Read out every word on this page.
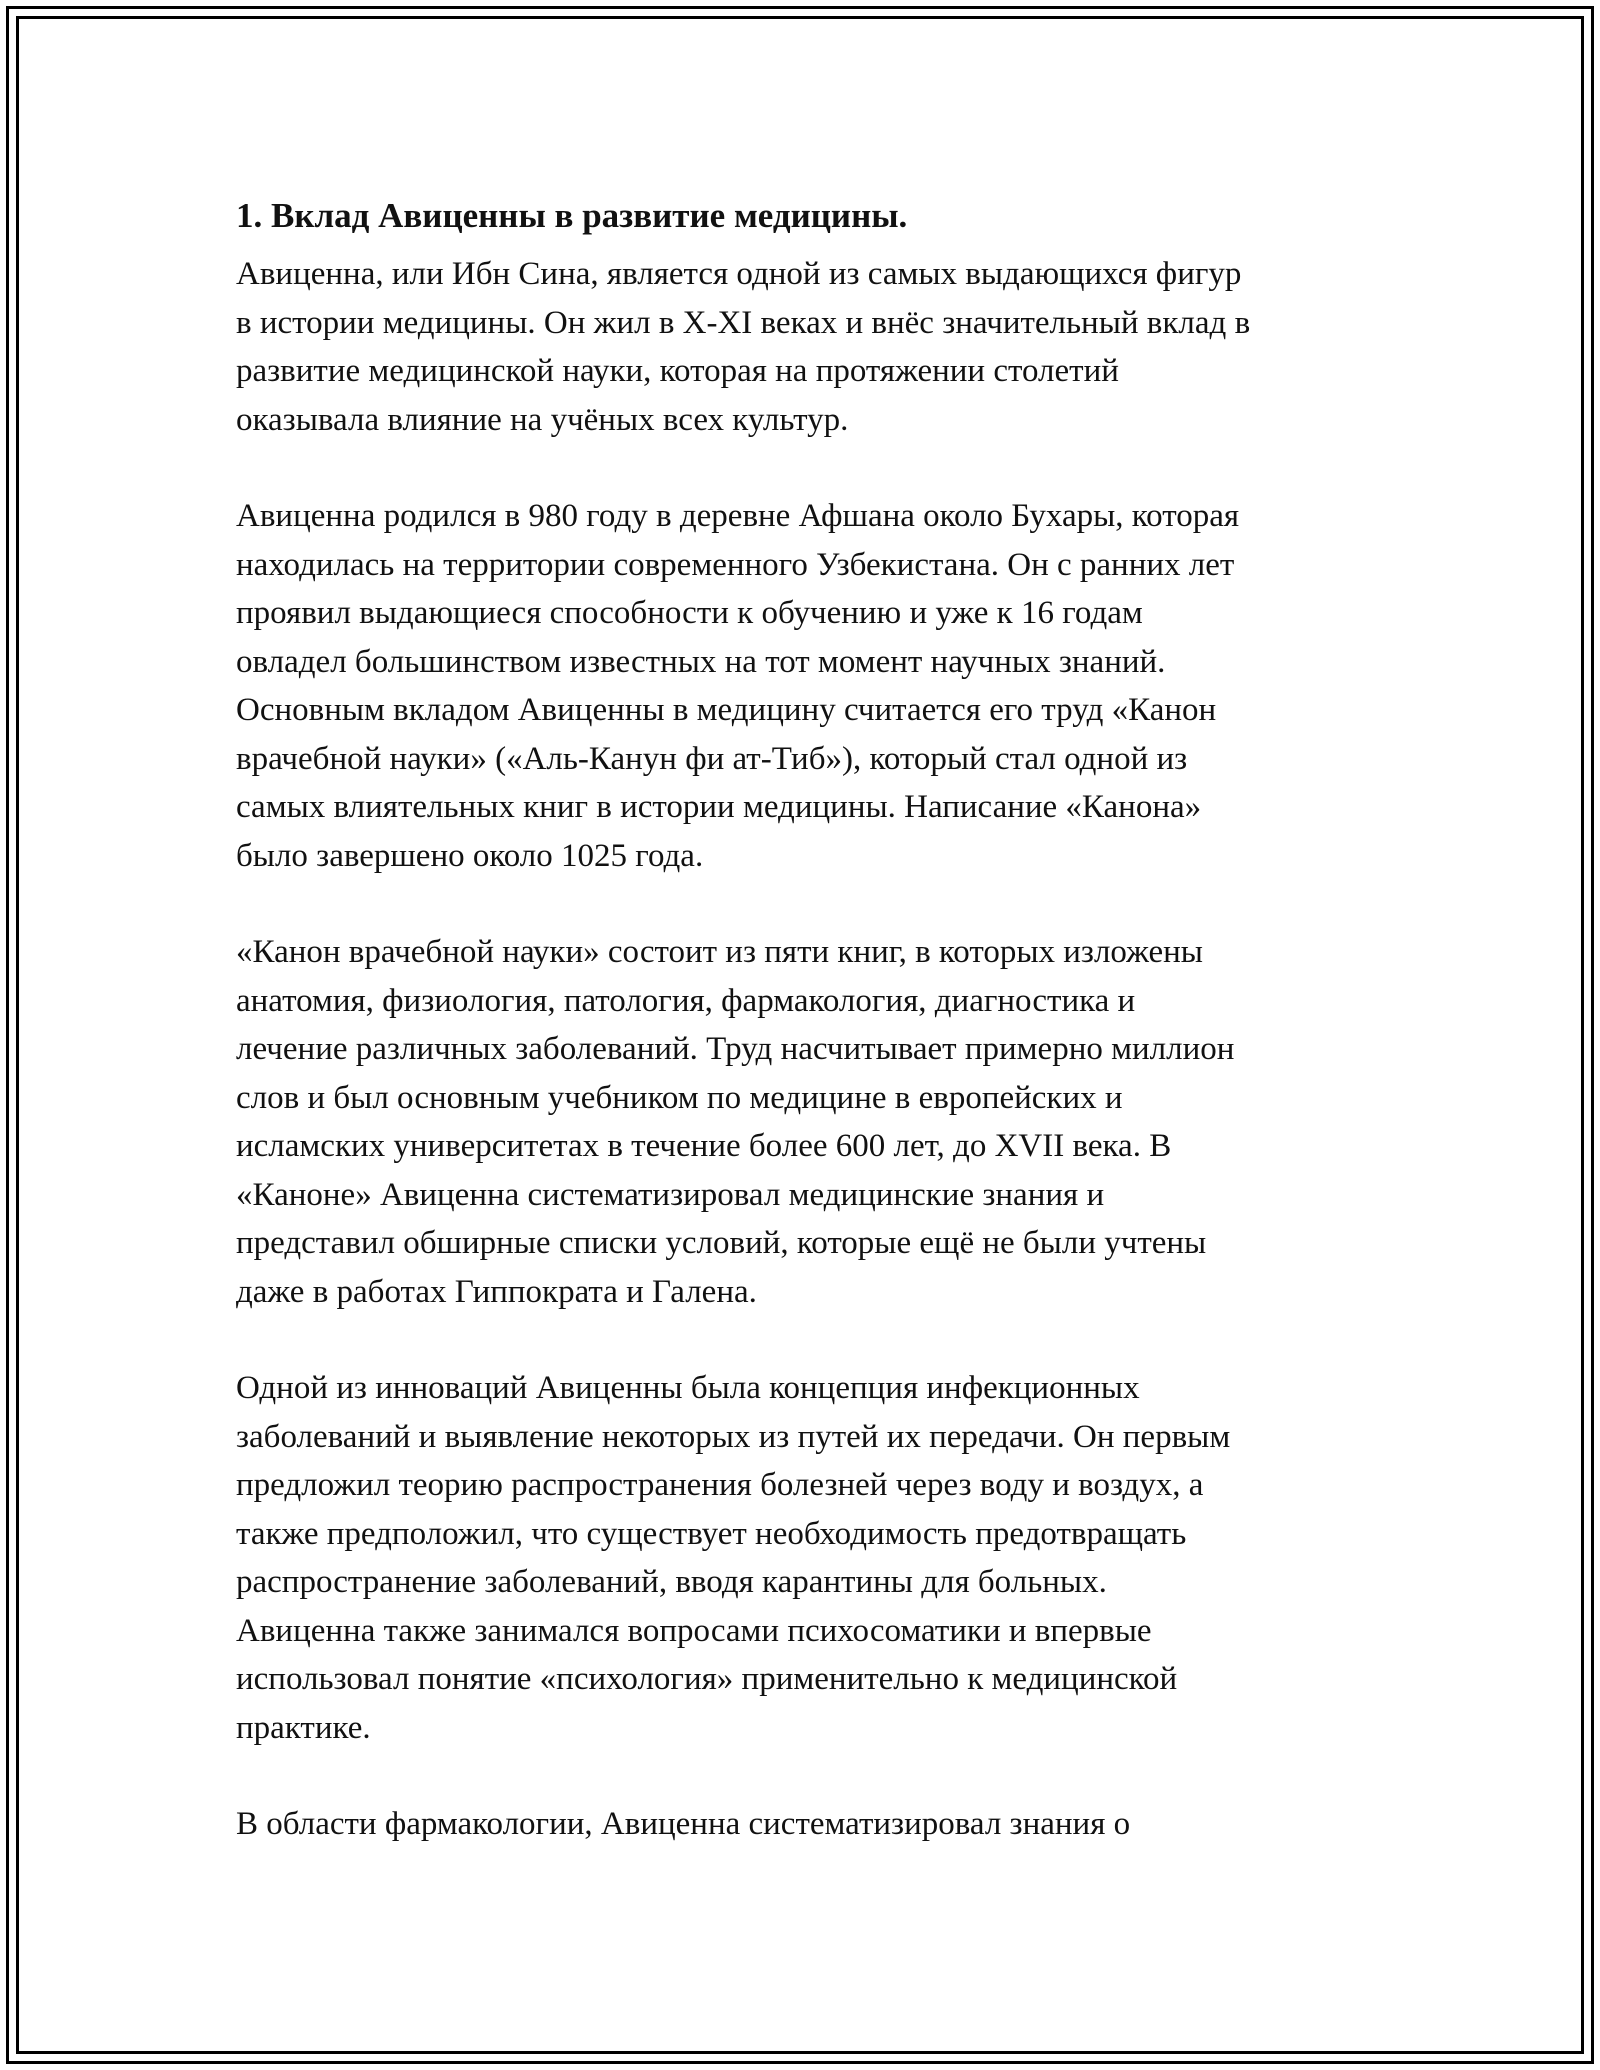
1. Вклад Авиценны в развитие медицины.
Авиценна, или Ибн Сина, является одной из самых выдающихся фигур
в истории медицины. Он жил в X-XI веках и внёс значительный вклад в
развитие медицинской науки, которая на протяжении столетий
оказывала влияние на учёных всех культур.
Авиценна родился в 980 году в деревне Афшана около Бухары, которая
находилась на территории современного Узбекистана. Он с ранних лет
проявил выдающиеся способности к обучению и уже к 16 годам
овладел большинством известных на тот момент научных знаний.
Основным вкладом Авиценны в медицину считается его труд «Канон
врачебной науки» («Аль-Канун фи ат-Тиб»), который стал одной из
самых влиятельных книг в истории медицины. Написание «Канона»
было завершено около 1025 года.
«Канон врачебной науки» состоит из пяти книг, в которых изложены
анатомия, физиология, патология, фармакология, диагностика и
лечение различных заболеваний. Труд насчитывает примерно миллион
слов и был основным учебником по медицине в европейских и
исламских университетах в течение более 600 лет, до XVII века. В
«Каноне» Авиценна систематизировал медицинские знания и
представил обширные списки условий, которые ещё не были учтены
даже в работах Гиппократа и Галена.
Одной из инноваций Авиценны была концепция инфекционных
заболеваний и выявление некоторых из путей их передачи. Он первым
предложил теорию распространения болезней через воду и воздух, а
также предположил, что существует необходимость предотвращать
распространение заболеваний, вводя карантины для больных.
Авиценна также занимался вопросами психосоматики и впервые
использовал понятие «психология» применительно к медицинской
практике.
В области фармакологии, Авиценна систематизировал знания о
